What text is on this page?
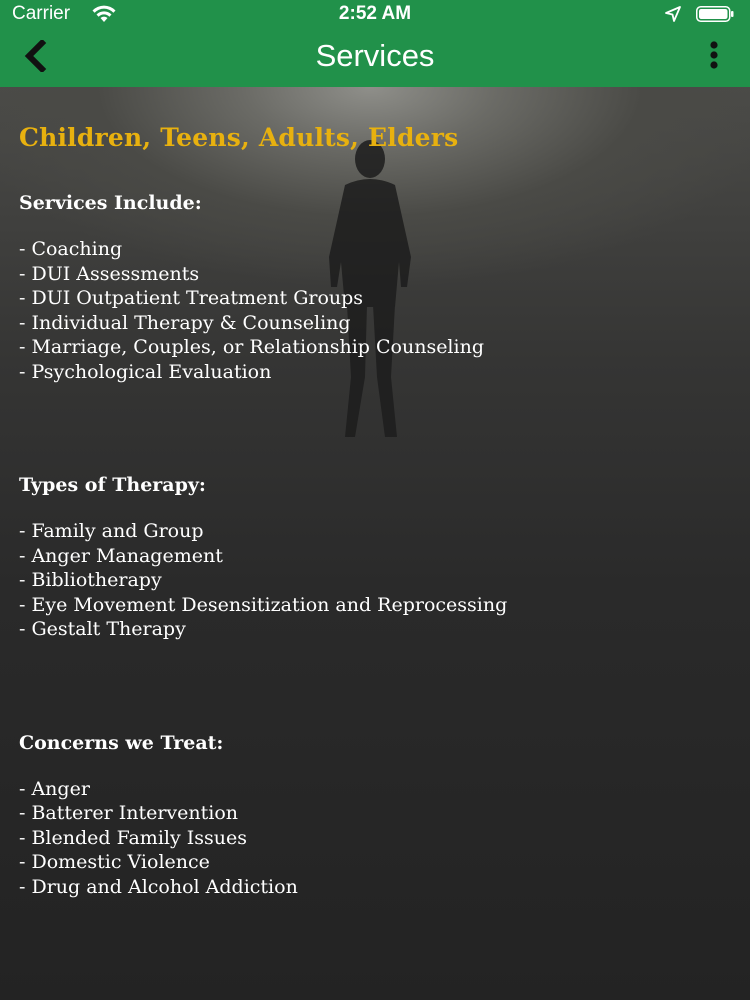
Carrier	2:52 AM
Services

Children, Teens, Adults, Elders

Services Include:

- Coaching
- DUI Assessments
- DUI Outpatient Treatment Groups
- Individual Therapy & Counseling
- Marriage, Couples, or Relationship Counseling
- Psychological Evaluation

Types of Therapy:

- Family and Group
- Anger Management
- Bibliotherapy
- Eye Movement Desensitization and Reprocessing
- Gestalt Therapy

Concerns we Treat:

- Anger
- Batterer Intervention
- Blended Family Issues
- Domestic Violence
- Drug and Alcohol Addiction
